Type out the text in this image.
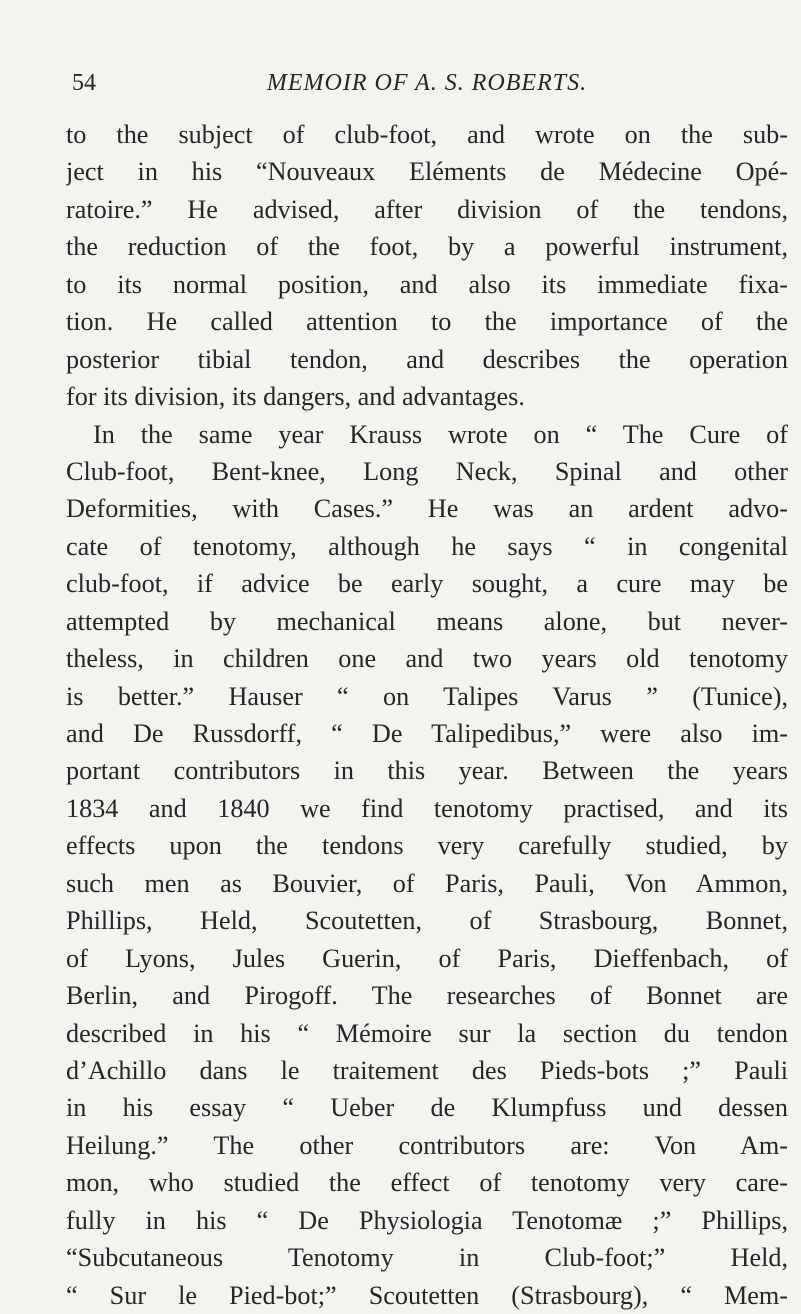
54	MEMOIR OF A. S. ROBERTS.
to the subject of club-foot, and wrote on the sub-
ject in his “Nouveaux Eléments de Médecine Opé-
ratoire.” He advised, after division of the tendons,
the reduction of the foot, by a powerful instrument,
to its normal position, and also its immediate fixa-
tion. He called attention to the importance of the
posterior tibial tendon, and describes the operation
for its division, its dangers, and advantages.
In the same year Krauss wrote on “ The Cure of
Club-foot, Bent-knee, Long Neck, Spinal and other
Deformities, with Cases.” He was an ardent advo-
cate of tenotomy, although he says “ in congenital
club-foot, if advice be early sought, a cure may be
attempted by mechanical means alone, but never-
theless, in children one and two years old tenotomy
is better.” Hauser “ on Talipes Varus ” (Tunice),
and De Russdorff, “ De Talipedibus,” were also im-
portant contributors in this year. Between the years
1834 and 1840 we find tenotomy practised, and its
effects upon the tendons very carefully studied, by
such men as Bouvier, of Paris, Pauli, Von Ammon,
Phillips, Held, Scoutetten, of Strasbourg, Bonnet,
of Lyons, Jules Guerin, of Paris, Dieffenbach, of
Berlin, and Pirogoff. The researches of Bonnet are
described in his “ Mémoire sur la section du tendon
d’Achillo dans le traitement des Pieds-bots ;” Pauli
in his essay “ Ueber de Klumpfuss und dessen
Heilung.” The other contributors are: Von Am-
mon, who studied the effect of tenotomy very care-
fully in his “ De Physiologia Tenotomæ ;” Phillips,
“Subcutaneous Tenotomy in Club-foot;” Held,
“ Sur le Pied-bot;” Scoutetten (Strasbourg), “ Mem-
